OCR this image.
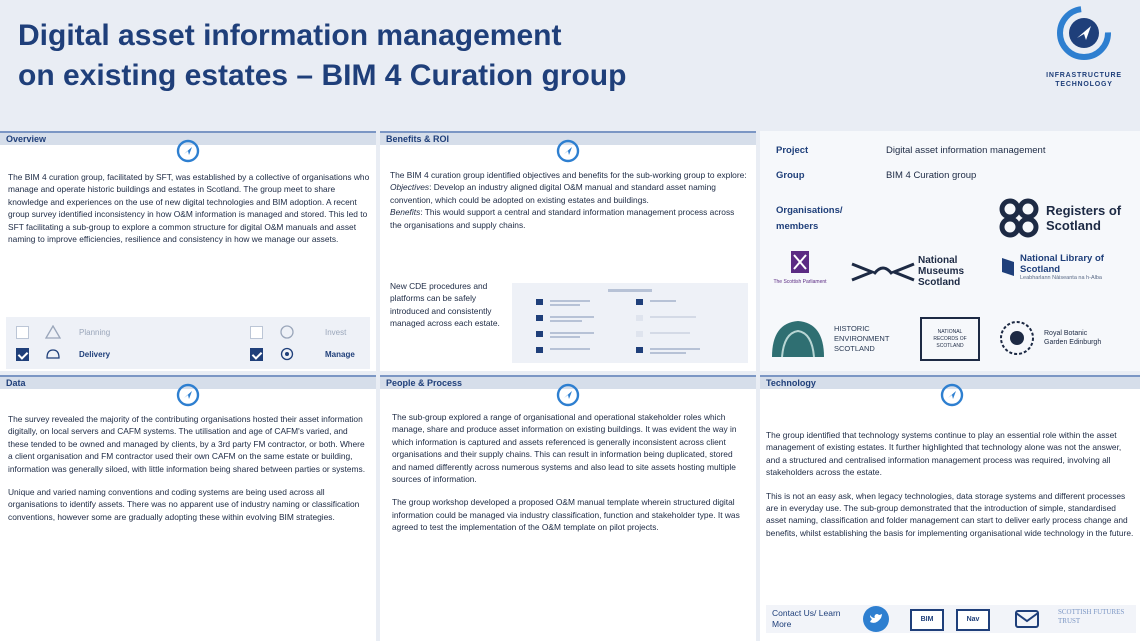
Digital asset information management
on existing estates – BIM 4 Curation group	INFRASTRUCTURE
TECHNOLOGY
Overview
The BIM 4 curation group, facilitated by SFT, was established by a collective of organisations who manage and operate historic buildings and estates in Scotland. The group meet to share knowledge and experiences on the use of new digital technologies and BIM adoption. A recent group survey identified inconsistency in how O&M information is managed and stored. This led to SFT facilitating a sub-group to explore a common structure for digital O&M manuals and asset naming to improve efficiencies, resilience and consistency in how we manage our assets.
Planning	Invest
Delivery	Manage
Benefits & ROI
The BIM 4 curation group identified objectives and benefits for the sub-working group to explore:
Objectives: Develop an industry aligned digital O&M manual and standard asset naming convention, which could be adopted on existing estates and buildings.
Benefits: This would support a central and standard information management process across the organisations and supply chains.
New CDE procedures and platforms can be safely introduced and consistently managed across each estate.
Project	Digital asset information management
Group	BIM 4 Curation group
Organisations/ members
Registers of Scotland
The Scottish Parliament
National Museums Scotland
National Library of Scotland
Leabharlann Nàiseanta na h-Alba
HISTORIC ENVIRONMENT SCOTLAND
NATIONAL RECORDS OF SCOTLAND
Royal Botanic Garden Edinburgh
Data

The survey revealed the majority of the contributing organisations hosted their asset information digitally, on local servers and CAFM systems. The utilisation and age of CAFM's varied, and these tended to be owned and managed by clients, by a 3rd party FM contractor, or both. Where a client organisation and FM contractor used their own CAFM on the same estate or building, information was generally siloed, with little information being shared between parties or systems.

Unique and varied naming conventions and coding systems are being used across all organisations to identify assets. There was no apparent use of industry naming or classification conventions, however some are gradually adopting these within evolving BIM strategies.

People & Process

The sub-group explored a range of organisational and operational stakeholder roles which manage, share and produce asset information on existing buildings. It was evident the way in which information is captured and assets referenced is generally inconsistent across client organisations and their supply chains. This can result in information being duplicated, stored and named differently across numerous systems and also lead to site assets hosting multiple sources of information.

The group workshop developed a proposed O&M manual template wherein structured digital information could be managed via industry classification, function and stakeholder type. It was agreed to test the implementation of the O&M template on pilot projects.

Technology

The group identified that technology systems continue to play an essential role within the asset management of existing estates. It further highlighted that technology alone was not the answer, and a structured and centralised information management process was required, involving all stakeholders across the estate.

This is not an easy ask, when legacy technologies, data storage systems and different processes are in everyday use. The sub-group demonstrated that the introduction of simple, standardised asset naming, classification and folder management can start to deliver early process change and benefits, whilst establishing the basis for implementing organisational wide technology in the future.

Contact Us/ Learn More	BIM	Nav
SCOTTISH FUTURES TRUST
